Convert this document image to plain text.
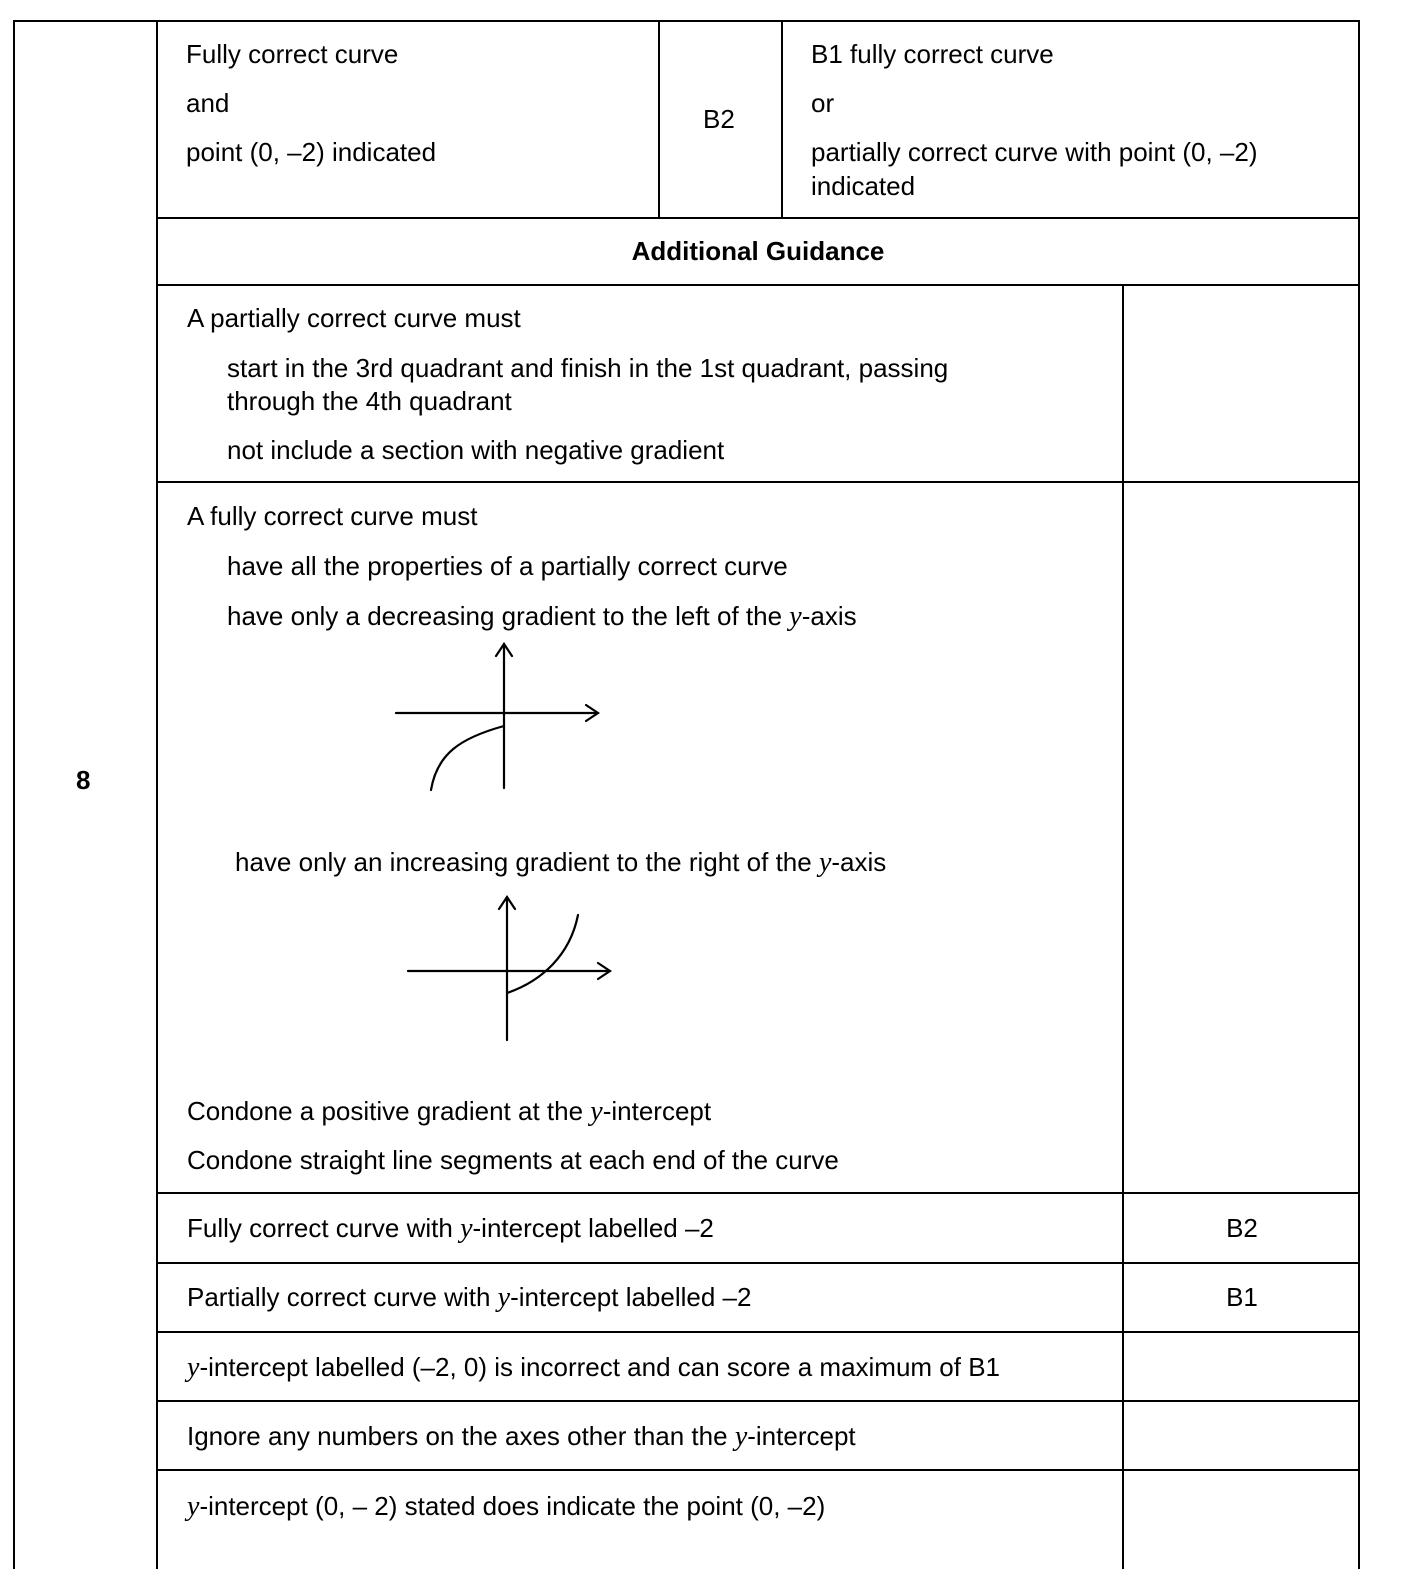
8
Fully correct curve
and
point (0, –2) indicated
B2
B1 fully correct curve
or
partially correct curve with point (0, –2)
indicated
Additional Guidance
A partially correct curve must
start in the 3rd quadrant and finish in the 1st quadrant, passing
through the 4th quadrant
not include a section with negative gradient
A fully correct curve must
have all the properties of a partially correct curve
have only a decreasing gradient to the left of the y-axis
have only an increasing gradient to the right of the y-axis
Condone a positive gradient at the y-intercept
Condone straight line segments at each end of the curve
Fully correct curve with y-intercept labelled –2	B2
Partially correct curve with y-intercept labelled –2	B1
y-intercept labelled (–2, 0) is incorrect and can score a maximum of B1
Ignore any numbers on the axes other than the y-intercept
y-intercept (0, – 2) stated does indicate the point (0, –2)
